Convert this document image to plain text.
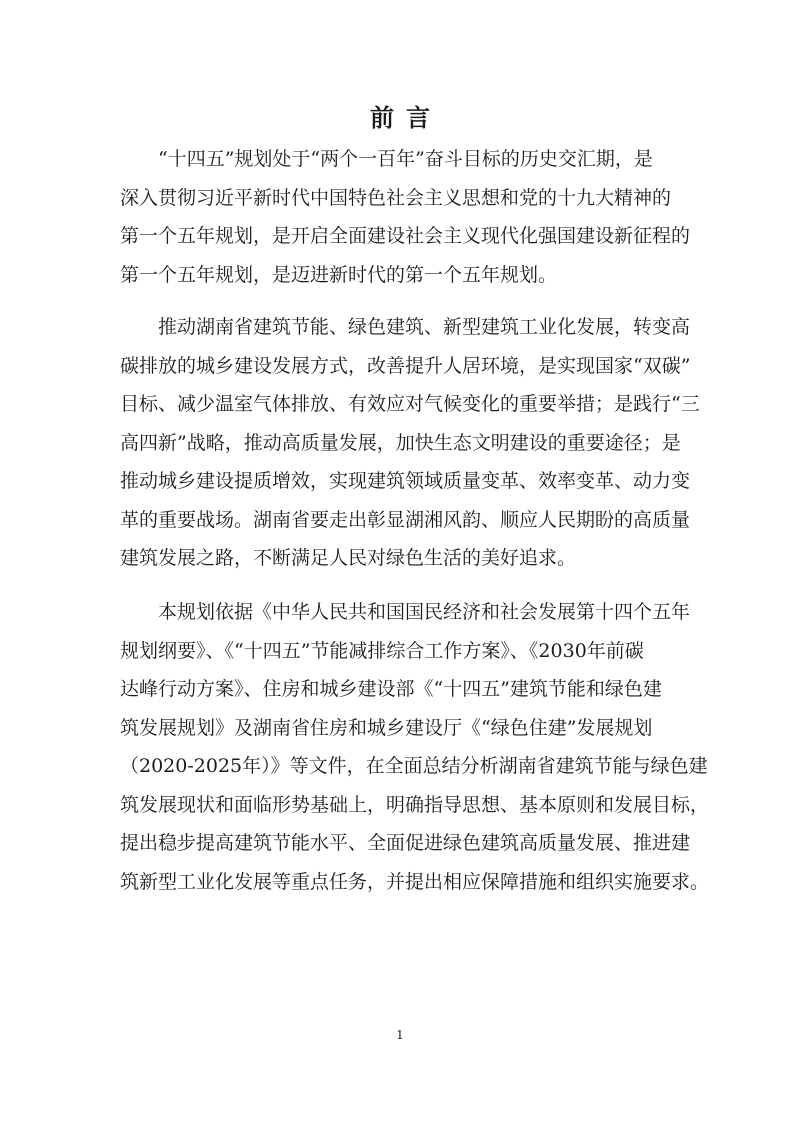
前言
“十四五”规划处于“两个一百年”奋斗目标的历史交汇期，是
深入贯彻习近平新时代中国特色社会主义思想和党的十九大精神的
第一个五年规划，是开启全面建设社会主义现代化强国建设新征程的
第一个五年规划，是迈进新时代的第一个五年规划。
推动湖南省建筑节能、绿色建筑、新型建筑工业化发展，转变高
碳排放的城乡建设发展方式，改善提升人居环境，是实现国家“双碳”
目标、减少温室气体排放、有效应对气候变化的重要举措；是践行“三
高四新”战略，推动高质量发展，加快生态文明建设的重要途径；是
推动城乡建设提质增效，实现建筑领域质量变革、效率变革、动力变
革的重要战场。湖南省要走出彰显湖湘风韵、顺应人民期盼的高质量
建筑发展之路，不断满足人民对绿色生活的美好追求。
本规划依据《中华人民共和国国民经济和社会发展第十四个五年
规划纲要》、《“十四五”节能减排综合工作方案》、《2030年前碳
达峰行动方案》、住房和城乡建设部《“十四五”建筑节能和绿色建
筑发展规划》及湖南省住房和城乡建设厅《“绿色住建”发展规划
（2020-2025年）》等文件，在全面总结分析湖南省建筑节能与绿色建
筑发展现状和面临形势基础上，明确指导思想、基本原则和发展目标，
提出稳步提高建筑节能水平、全面促进绿色建筑高质量发展、推进建
筑新型工业化发展等重点任务，并提出相应保障措施和组织实施要求。
1
